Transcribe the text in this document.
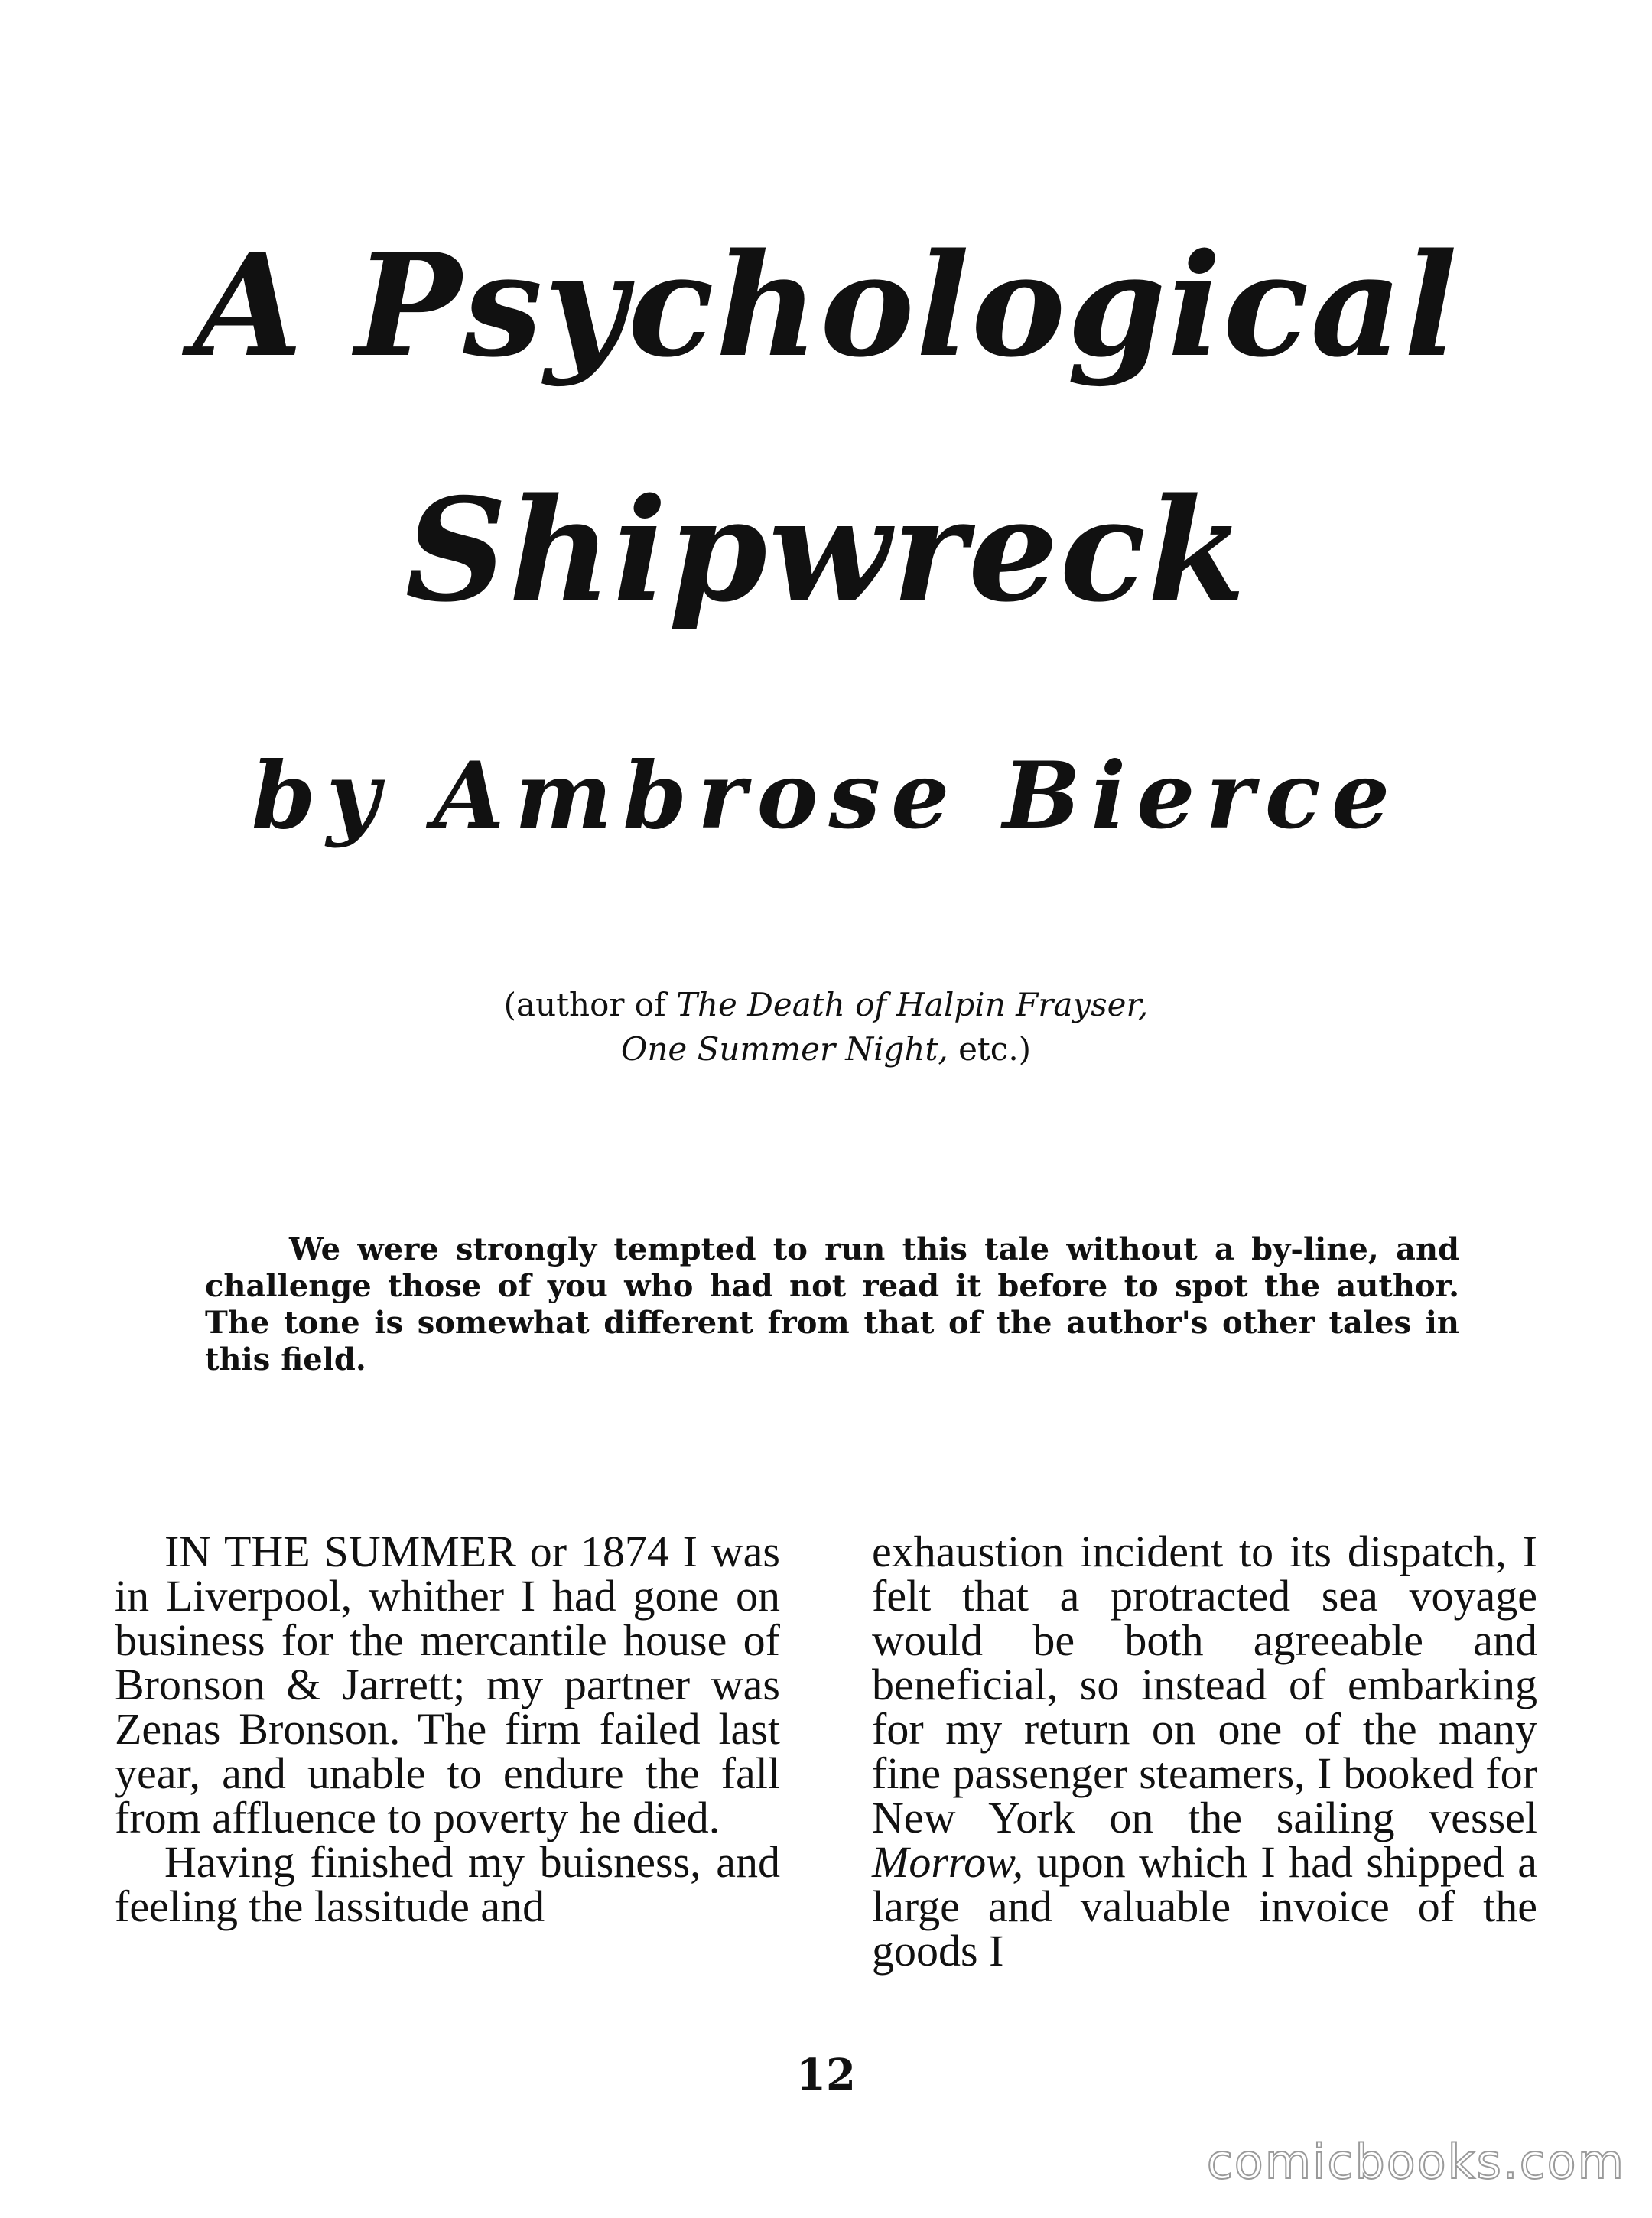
A Psychological
Shipwreck
by Ambrose Bierce
(author of The Death of Halpin Frayser,
One Summer Night, etc.)
We were strongly tempted to run this tale without a by-line, and challenge those of you who had not read it before to spot the author. The tone is somewhat different from that of the author's other tales in this field.

IN THE SUMMER or 1874 I was in Liverpool, whither I had gone on business for the mercantile house of Bronson & Jarrett; my partner was Zenas Bronson. The firm failed last year, and unable to endure the fall from affluence to poverty he died.

Having finished my buisness, and feeling the lassitude and

exhaustion incident to its dispatch, I felt that a protracted sea voyage would be both agreeable and beneficial, so instead of embarking for my return on one of the many fine passenger steamers, I booked for New York on the sailing vessel Morrow, upon which I had shipped a large and valuable invoice of the goods I

12
comicbooks.com
